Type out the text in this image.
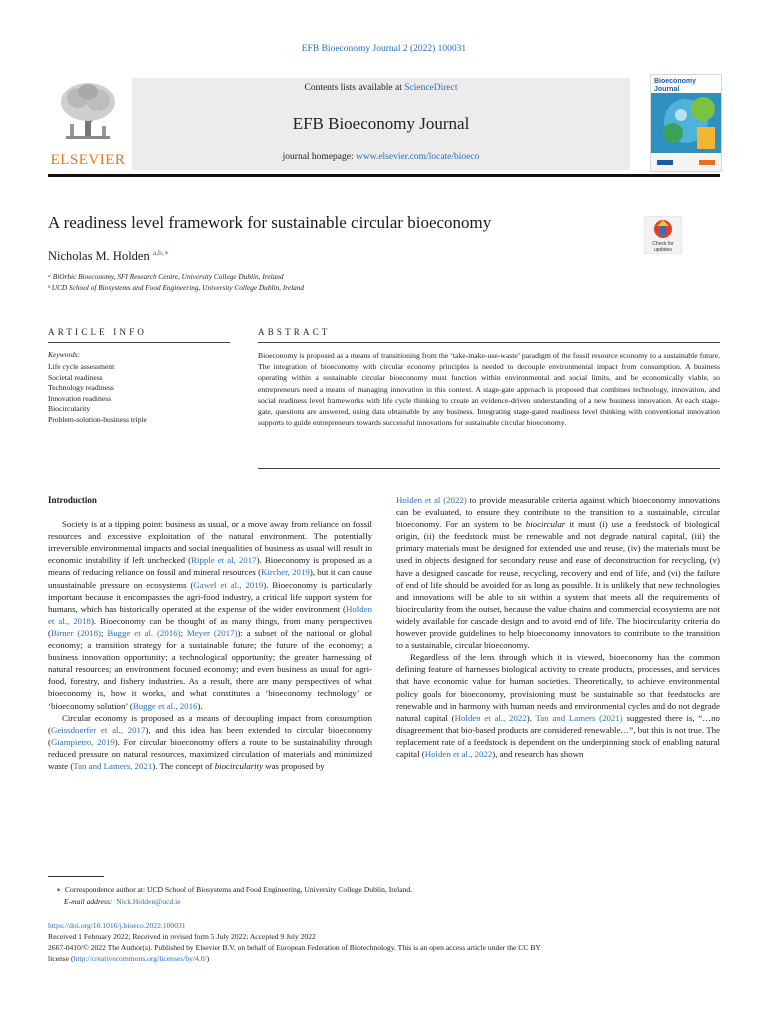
EFB Bioeconomy Journal 2 (2022) 100031
ELSEVIER
Contents lists available at ScienceDirect
EFB Bioeconomy Journal
journal homepage: www.elsevier.com/locate/bioeco
Bioeconomy
Journal
A readiness level framework for sustainable circular bioeconomy
Check for
updates
Nicholas M. Holden $^{a,b,∗}$
ᵃ BiOrbic Bioeconomy, SFI Research Centre, University College Dublin, Ireland
ᵇ UCD School of Biosystems and Food Engineering, University College Dublin, Ireland
ARTICLE INFO	ABSTRACT
Keywords:
Life cycle assessment
Societal readiness
Technology readiness
Innovation readiness
Biocircularity
Problem-solution-business triple
Bioeconomy is proposed as a means of transitioning from the ‘take-make-use-waste’ paradigm of the fossil resource economy to a sustainable future. The integration of bioeconomy with circular economy principles is needed to decouple environmental impact from consumption. A business operating within a sustainable circular bioeconomy must function within environmental and social limits, and be economically viable, so entrepreneurs need a means of managing innovation in this context. A stage-gate approach is proposed that combines technology, innovation, and social readiness level frameworks with life cycle thinking to create an evidence-driven understanding of a new business innovation. At each stage-gate, questions are answered, using data obtainable by any business. Integrating stage-gated readiness level thinking with conventional innovation supports to guide entrepreneurs towards successful innovations for sustainable circular bioeconomy.

Introduction

Society is at a tipping point: business as usual, or a move away from reliance on fossil resources and excessive exploitation of the natural environment. The potentially irreversible environmental impacts and social inequalities of business as usual will result in economic instability if left unchecked (Ripple et al, 2017). Bioeconomy is proposed as a means of reducing reliance on fossil and mineral resources (Kircher, 2019), but it can cause unsustainable pressure on ecosystems (Gawel et al., 2019). Bioeconomy is particularly important because it encompasses the agri-food industry, a critical life support system for humans, which has historically operated at the expense of the wider environment (Holden et al., 2018). Bioeconomy can be thought of as many things, from many perspectives (Birner (2018); Bugge et al. (2016); Meyer (2017)): a subset of the national or global economy; a transition strategy for a sustainable future; the future of the economy; a business innovation opportunity; a technological opportunity; the greater harnessing of natural resources; an environment focused economy; and even business as usual for agri-food, forestry, and fishery industries. As a result, there are many perspectives of what bioeconomy is, how it works, and what constitutes a ‘bioeconomy technology’ or ‘bioeconomy solution’ (Bugge et al., 2016).

Circular economy is proposed as a means of decoupling impact from consumption (Geissdoerfer et al., 2017), and this idea has been extended to circular bioeconomy (Giampietro, 2019). For circular bioeconomy offers a route to be sustainability through reduced pressure on natural resources, maximized circulation of materials and minimized waste (Tan and Lamers, 2021). The concept of biocircularity was proposed by

Holden et al (2022) to provide measurable criteria against which bioeconomy innovations can be evaluated, to ensure they contribute to the transition to a sustainable, circular bioeconomy. For an system to be biocircular it must (i) use a feedstock of biological origin, (ii) the feedstock must be renewable and not degrade natural capital, (iii) the primary materials must be designed for extended use and reuse, (iv) the materials must be used in objects designed for secondary reuse and ease of deconstruction for recycling, (v) have a designed cascade for reuse, recycling, recovery and end of life, and (vi) the failure of end of life should be avoided for as long as possible. It is unlikely that new technologies and innovations will be able to sit within a system that meets all the requirements of biocircularity from the outset, because the value chains and commercial ecosystems are not widely available for cascade design and to avoid end of life. The biocircularity criteria do however provide guidelines to help bioeconomy innovators to contribute to the transition to a sustainable, circular bioeconomy.

Regardless of the lens through which it is viewed, bioeconomy has the common defining feature of harnesses biological activity to create products, processes, and services that have economic value for human societies. Theoretically, to achieve environmental policy goals for bioeconomy, provisioning must be sustainable so that feedstocks are renewable and in harmony with human needs and environmental cycles and do not degrade natural capital (Holden et al., 2022). Tan and Lamers (2021) suggested there is, “…no disagreement that bio-based products are considered renewable…”, but this is not true. The replacement rate of a feedstock is dependent on the underpinning stock of enabling natural capital (Holden et al., 2022), and research has shown

∗ Correspondence author at: UCD School of Biosystems and Food Engineering, University College Dublin, Ireland.
E-mail address: Nick.Holden@ucd.ie
https://doi.org/10.1016/j.bioeco.2022.100031
Received 1 February 2022; Received in revised form 5 July 2022; Accepted 9 July 2022
2667-0410/© 2022 The Author(s). Published by Elsevier B.V. on behalf of European Federation of Biotechnology. This is an open access article under the CC BY
license (http://creativecommons.org/licenses/by/4.0/)
